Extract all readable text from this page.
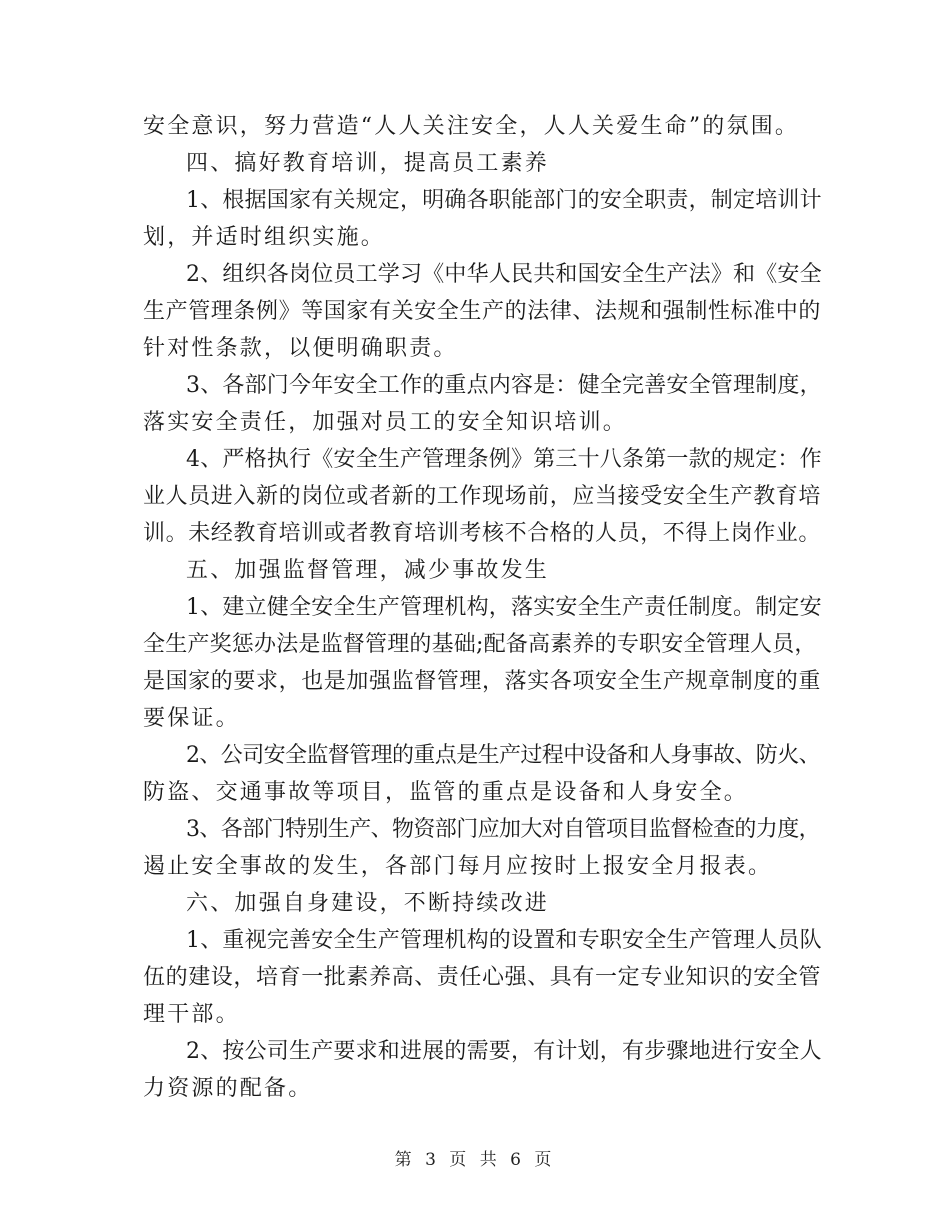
安全意识，努力营造“人人关注安全，人人关爱生命”的氛围。
四、搞好教育培训，提高员工素养
1、根据国家有关规定，明确各职能部门的安全职责，制定培训计
划，并适时组织实施。
2、组织各岗位员工学习《中华人民共和国安全生产法》和《安全
生产管理条例》等国家有关安全生产的法律、法规和强制性标准中的
针对性条款，以便明确职责。
3、各部门今年安全工作的重点内容是：健全完善安全管理制度，
落实安全责任，加强对员工的安全知识培训。
4、严格执行《安全生产管理条例》第三十八条第一款的规定：作
业人员进入新的岗位或者新的工作现场前，应当接受安全生产教育培
训。未经教育培训或者教育培训考核不合格的人员，不得上岗作业。
五、加强监督管理，减少事故发生
1、建立健全安全生产管理机构，落实安全生产责任制度。制定安
全生产奖惩办法是监督管理的基础;配备高素养的专职安全管理人员，
是国家的要求，也是加强监督管理，落实各项安全生产规章制度的重
要保证。
2、公司安全监督管理的重点是生产过程中设备和人身事故、防火、
防盗、交通事故等项目，监管的重点是设备和人身安全。
3、各部门特别生产、物资部门应加大对自管项目监督检查的力度，
遏止安全事故的发生，各部门每月应按时上报安全月报表。
六、加强自身建设，不断持续改进
1、重视完善安全生产管理机构的设置和专职安全生产管理人员队
伍的建设，培育一批素养高、责任心强、具有一定专业知识的安全管
理干部。
2、按公司生产要求和进展的需要，有计划，有步骤地进行安全人
力资源的配备。
第 3 页 共 6 页
